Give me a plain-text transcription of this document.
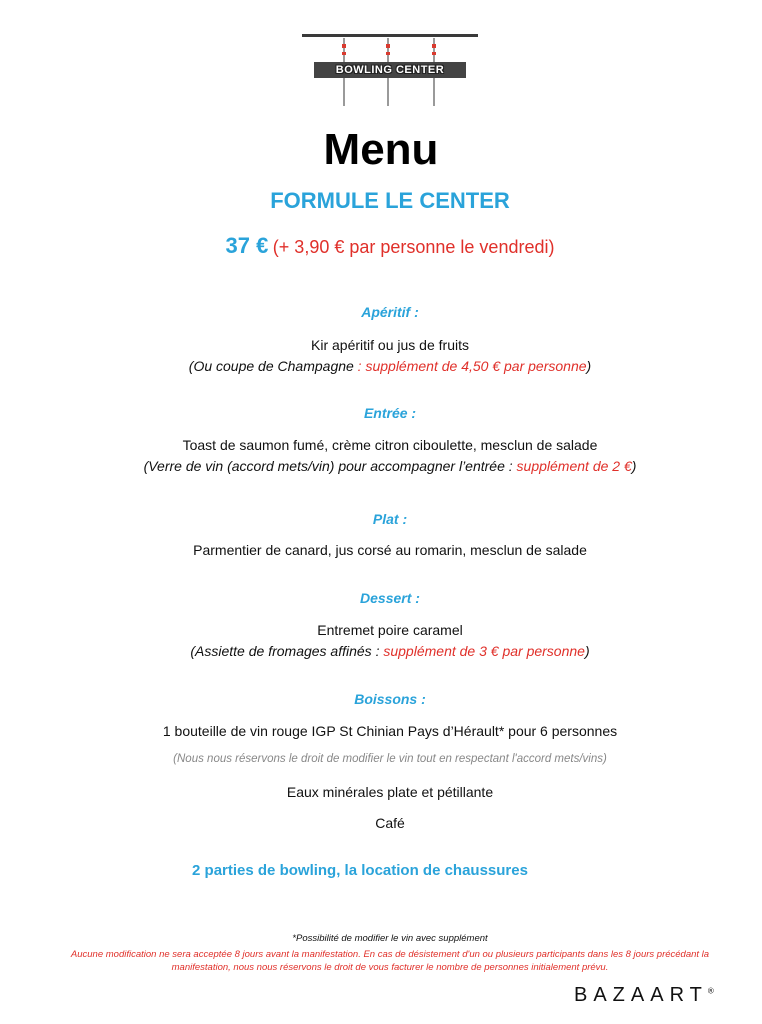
BOWLING CENTER
Menu
FORMULE LE CENTER
37 € (+ 3,90 € par personne le vendredi)
Apéritif :
Kir apéritif ou jus de fruits
(Ou coupe de Champagne : supplément de 4,50 € par personne)
Entrée :
Toast de saumon fumé, crème citron ciboulette, mesclun de salade
(Verre de vin (accord mets/vin) pour accompagner l’entrée : supplément de 2 €)
Plat :
Parmentier de canard, jus corsé au romarin, mesclun de salade
Dessert :
Entremet poire caramel
(Assiette de fromages affinés : supplément de 3 € par personne)
Boissons :
1 bouteille de vin rouge IGP St Chinian Pays d’Hérault* pour 6 personnes
(Nous nous réservons le droit de modifier le vin tout en respectant l'accord mets/vins)
Eaux minérales plate et pétillante
Café
2 parties de bowling, la location de chaussures
*Possibilité de modifier le vin avec supplément
Aucune modification ne sera acceptée 8 jours avant la manifestation. En cas de désistement d'un ou plusieurs participants dans les 8 jours précédant la manifestation, nous nous réservons le droit de vous facturer le nombre de personnes initialement prévu.
BAZAART®
